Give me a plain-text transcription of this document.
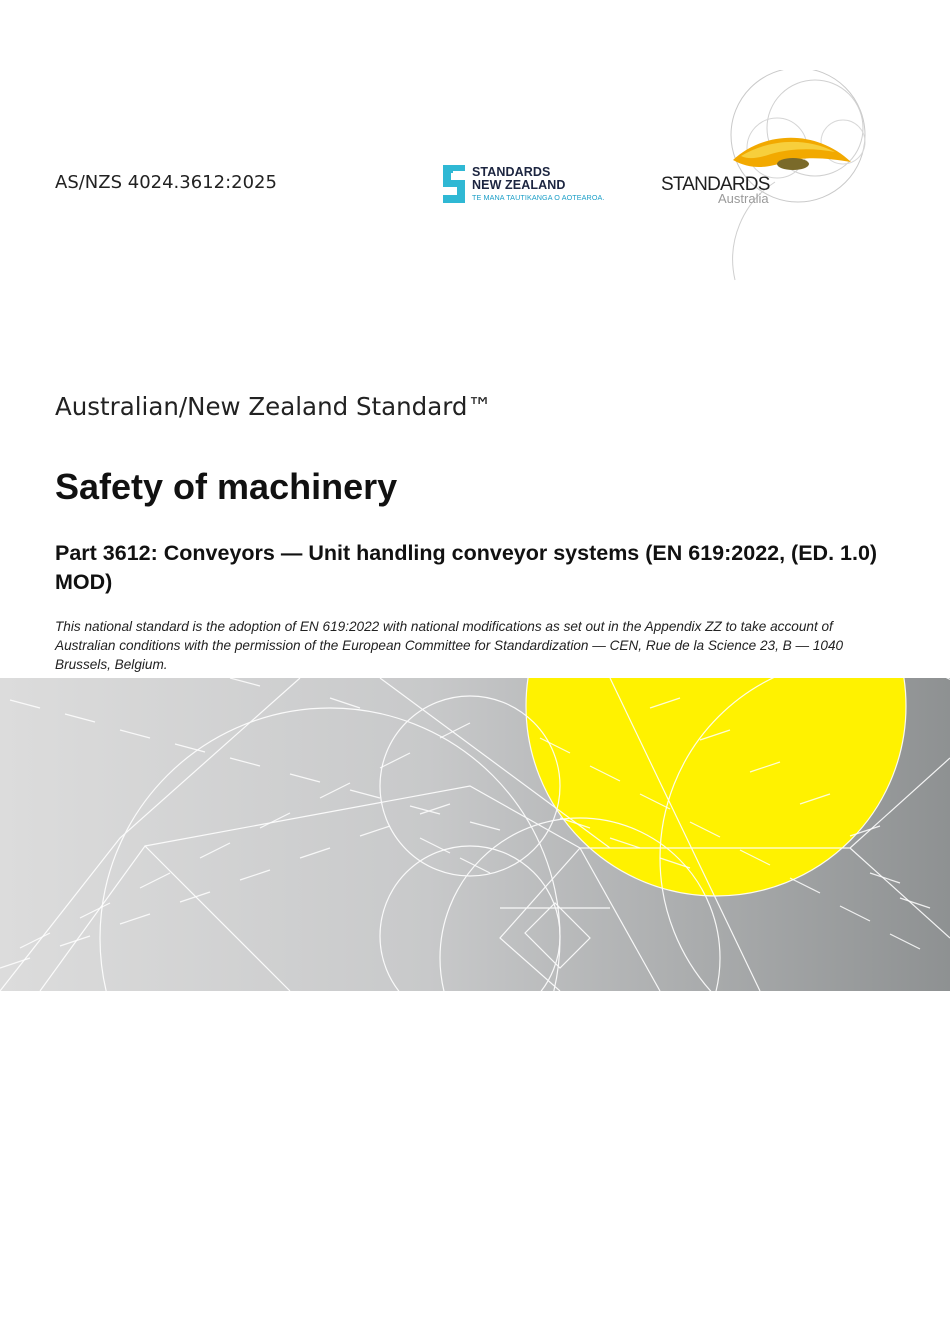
AS/NZS 4024.3612:2025	STANDARDS
NEW ZEALAND
TE MANA TAUTIKANGA O AOTEAROA.
STANDARDS
Australia
Australian/New Zealand Standard™
Safety of machinery
Part 3612: Conveyors — Unit handling conveyor systems (EN 619:2022, (ED. 1.0) MOD)
This national standard is the adoption of EN 619:2022 with national modifications as set out in the Appendix ZZ to take account of Australian conditions with the permission of the European Committee for Standardization — CEN, Rue de la Science 23, B — 1040 Brussels, Belgium.
